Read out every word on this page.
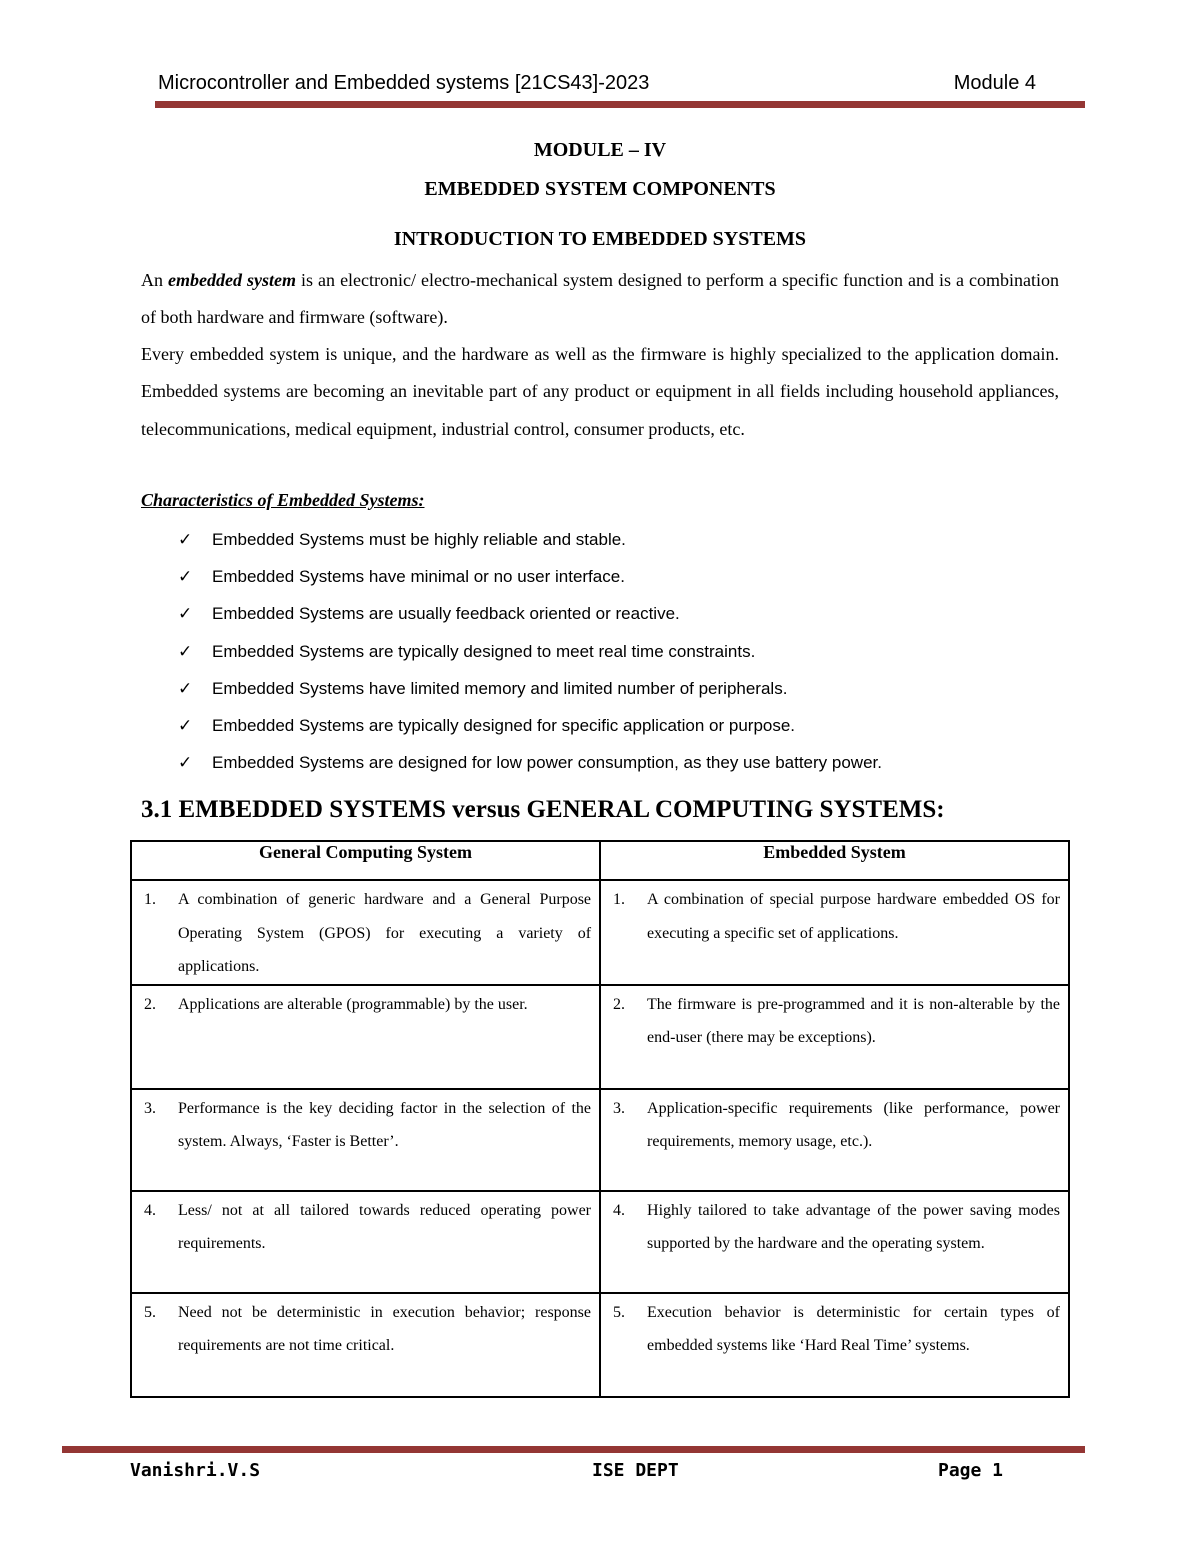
Microcontroller and Embedded systems [21CS43]-2023	Module 4
MODULE – IV
EMBEDDED SYSTEM COMPONENTS
INTRODUCTION TO EMBEDDED SYSTEMS

An embedded system is an electronic/ electro-mechanical system designed to perform a specific function and is a combination of both hardware and firmware (software).

Every embedded system is unique, and the hardware as well as the firmware is highly specialized to the application domain. Embedded systems are becoming an inevitable part of any product or equipment in all fields including household appliances, telecommunications, medical equipment, industrial control, consumer products, etc.

Characteristics of Embedded Systems:
✓ Embedded Systems must be highly reliable and stable.
✓ Embedded Systems have minimal or no user interface.
✓ Embedded Systems are usually feedback oriented or reactive.
✓ Embedded Systems are typically designed to meet real time constraints.
✓ Embedded Systems have limited memory and limited number of peripherals.
✓ Embedded Systems are typically designed for specific application or purpose.
✓ Embedded Systems are designed for low power consumption, as they use battery power.
3.1 EMBEDDED SYSTEMS versus GENERAL COMPUTING SYSTEMS:
General Computing System	Embedded System

1. A combination of generic hardware and a General Purpose Operating System (GPOS) for executing a variety of applications.	1. A combination of special purpose hardware embedded OS for executing a specific set of applications.

2. Applications are alterable (programmable) by the user.	2. The firmware is pre-programmed and it is non-alterable by the end-user (there may be exceptions).

3. Performance is the key deciding factor in the selection of the system. Always, ‘Faster is Better’.	3. Application-specific requirements (like performance, power requirements, memory usage, etc.).

4. Less/ not at all tailored towards reduced operating power requirements.	4. Highly tailored to take advantage of the power saving modes supported by the hardware and the operating system.

5. Need not be deterministic in execution behavior; response requirements are not time critical.	5. Execution behavior is deterministic for certain types of embedded systems like ‘Hard Real Time’ systems.
Vanishri.V.S	ISE DEPT	Page 1
